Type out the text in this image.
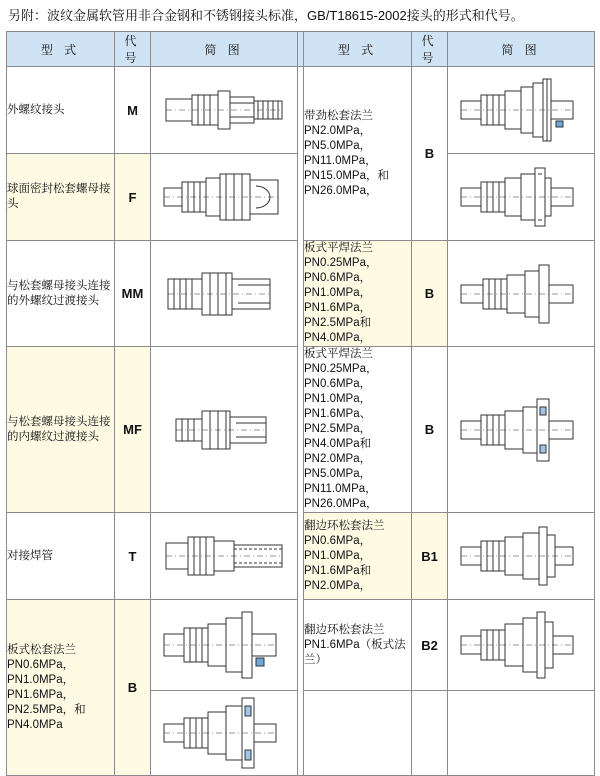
另附：波纹金属软管用非合金钢和不锈钢接头标准，GB/T18615-2002接头的形式和代号。
型 式	代 号	简 图		型 式	代 号	简 图
外螺纹接头	M			带劲松套法兰 PN2.0MPa，PN5.0MPa，PN11.0MPa，PN15.0MPa，和 PN26.0MPa，	B	

球面密封松套螺母接头	F	

与松套螺母接头连接的外螺纹过渡接头	MM			板式平焊法兰 PN0.25MPa，PN0.6MPa，PN1.0MPa，PN1.6MPa，PN2.5MPa和PN4.0MPa，	B	

与松套螺母接头连接的内螺纹过渡接头	MF			板式平焊法兰 PN0.25MPa，PN0.6MPa，PN1.0MPa，PN1.6MPa、PN2.5MPa，PN4.0MPa和PN2.0MPa，PN5.0MPa，PN11.0MPa，PN26.0MPa，	B	

对接焊管	T			翻边环松套法兰 PN0.6MPa，PN1.0MPa，PN1.6MPa和PN2.0MPa，	B1	

板式松套法兰 PN0.6MPa，PN1.0MPa，PN1.6MPa，PN2.5MPa，和PN4.0MPa	B			翻边环松套法兰 PN1.6MPa（板式法兰）	B2	
